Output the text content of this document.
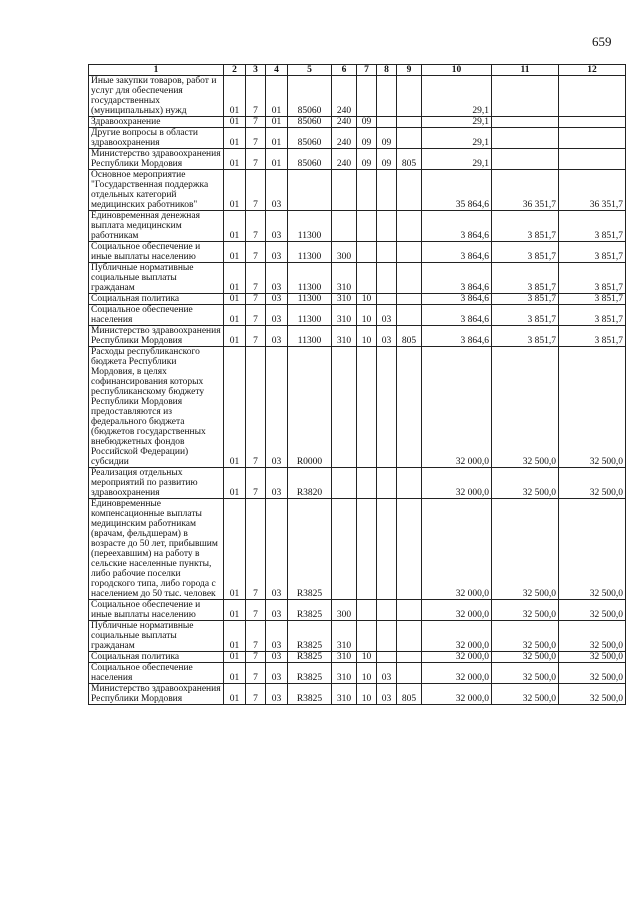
659
1	2	3	4	5	6	7	8	9	10	11	12
Иные закупки товаров, работ и услуг для обеспечения государственных (муниципальных) нужд	01	7	01	85060	240				29,1		
Здравоохранение	01	7	01	85060	240	09			29,1		
Другие вопросы в области здравоохранения	01	7	01	85060	240	09	09		29,1		
Министерство здравоохранения Республики Мордовия	01	7	01	85060	240	09	09	805	29,1		
Основное мероприятие "Государственная поддержка отдельных категорий медицинских работников"	01	7	03						35 864,6	36 351,7	36 351,7
Единовременная денежная выплата медицинским работникам	01	7	03	11300					3 864,6	3 851,7	3 851,7
Социальное обеспечение и иные выплаты населению	01	7	03	11300	300				3 864,6	3 851,7	3 851,7
Публичные нормативные социальные выплаты гражданам	01	7	03	11300	310				3 864,6	3 851,7	3 851,7
Социальная политика	01	7	03	11300	310	10			3 864,6	3 851,7	3 851,7
Социальное обеспечение населения	01	7	03	11300	310	10	03		3 864,6	3 851,7	3 851,7
Министерство здравоохранения Республики Мордовия	01	7	03	11300	310	10	03	805	3 864,6	3 851,7	3 851,7
Расходы республиканского бюджета Республики Мордовия, в целях софинансирования которых республиканскому бюджету Республики Мордовия предоставляются из федерального бюджета (бюджетов государственных внебюджетных фондов Российской Федерации) субсидии	01	7	03	R0000					32 000,0	32 500,0	32 500,0
Реализация отдельных мероприятий по развитию здравоохранения	01	7	03	R3820					32 000,0	32 500,0	32 500,0
Единовременные компенсационные выплаты медицинским работникам (врачам, фельдшерам) в возрасте до 50 лет, прибывшим (переехавшим) на работу в сельские населенные пункты, либо рабочие поселки городского типа, либо города с населением до 50 тыс. человек	01	7	03	R3825					32 000,0	32 500,0	32 500,0
Социальное обеспечение и иные выплаты населению	01	7	03	R3825	300				32 000,0	32 500,0	32 500,0
Публичные нормативные социальные выплаты гражданам	01	7	03	R3825	310				32 000,0	32 500,0	32 500,0
Социальная политика	01	7	03	R3825	310	10			32 000,0	32 500,0	32 500,0
Социальное обеспечение населения	01	7	03	R3825	310	10	03		32 000,0	32 500,0	32 500,0
Министерство здравоохранения Республики Мордовия	01	7	03	R3825	310	10	03	805	32 000,0	32 500,0	32 500,0
